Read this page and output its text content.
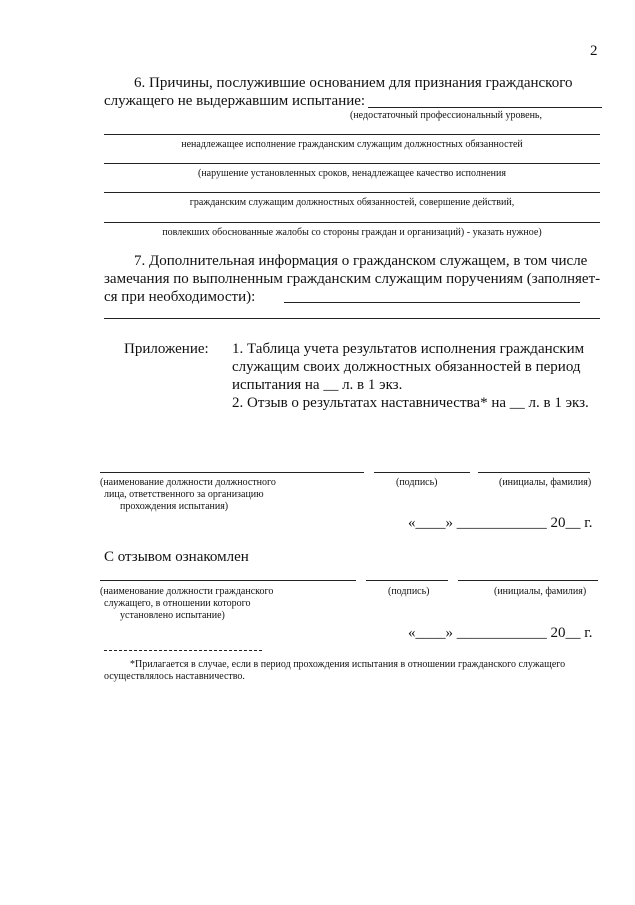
2
6. Причины, послужившие основанием для признания гражданского
служащего не выдержавшим испытание:
(недостаточный профессиональный уровень,
ненадлежащее исполнение гражданским служащим должностных обязанностей
(нарушение установленных сроков, ненадлежащее качество исполнения
гражданским служащим должностных обязанностей, совершение действий,
повлекших обоснованные жалобы со стороны граждан и организаций) - указать нужное)
7. Дополнительная информация о гражданском служащем, в том числе
замечания по выполненным гражданским служащим поручениям (заполняет-
ся при необходимости):
Приложение: 1. Таблица учета результатов исполнения гражданским
служащим своих должностных обязанностей в период
испытания на __ л. в 1 экз.
2. Отзыв о результатах наставничества* на __ л. в 1 экз.
(наименование должности должностного
лица, ответственного за организацию
прохождения испытания)
(подпись)	(инициалы, фамилия)
«____» ____________ 20__ г.
С отзывом ознакомлен
(наименование должности гражданского
служащего, в отношении которого
установлено испытание)
(подпись)	(инициалы, фамилия)
«____» ____________ 20__ г.
*Прилагается в случае, если в период прохождения испытания в отношении гражданского служащего
осуществлялось наставничество.
